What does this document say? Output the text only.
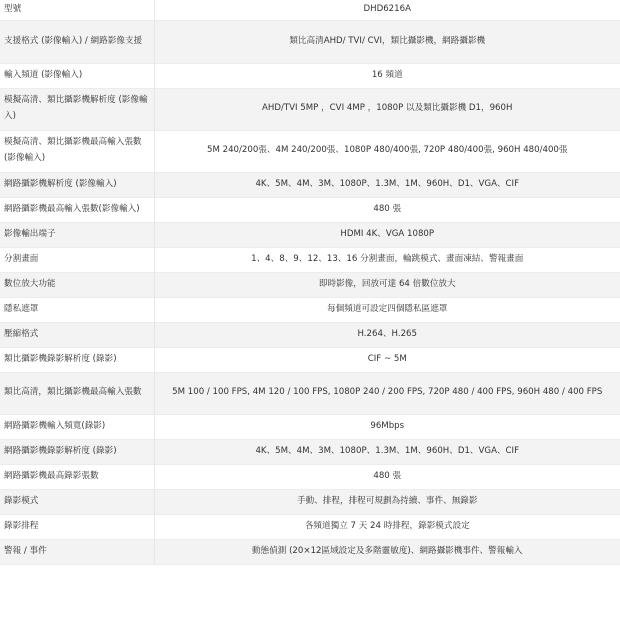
型號	DHD6216A
支援格式 (影像輸入) / 網路影像支援	類比高清AHD/ TVI/ CVI，類比攝影機，網路攝影機
輸入頻道 (影像輸入)	16 頻道
模擬高清、類比攝影機解析度 (影像輸入)	AHD/TVI 5MP ，CVI 4MP ，1080P 以及類比攝影機 D1，960H
模擬高清、類比攝影機最高輸入張數 (影像輸入)	5M 240/200張、4M 240/200張、1080P 480/400張, 720P 480/400張, 960H 480/400張
網路攝影機解析度 (影像輸入)	4K、5M、4M、3M、1080P、1.3M、1M、960H、D1、VGA、CIF
網路攝影機最高輸入張數(影像輸入)	480 張
影像輸出端子	HDMI 4K、VGA 1080P
分割畫面	1、4、8、9、12、13、16 分割畫面，輪跳模式、畫面凍結、警報畫面
數位放大功能	即時影像，回放可達 64 倍數位放大
隱私遮罩	每個頻道可設定四個隱私區遮罩
壓縮格式	H.264、H.265
類比攝影機錄影解析度 (錄影)	CIF ~ 5M
類比高清，類比攝影機最高輸入張數	5M 100 / 100 FPS, 4M 120 / 100 FPS, 1080P 240 / 200 FPS, 720P 480 / 400 FPS, 960H 480 / 400 FPS
網路攝影機輸入頻寬(錄影)	96Mbps
網路攝影機錄影解析度 (錄影)	4K、5M、4M、3M、1080P、1.3M、1M、960H、D1、VGA、CIF
網路攝影機最高錄影張數	480 張
錄影模式	手動、排程，排程可規劃為持續、事件、無錄影
錄影排程	各頻道獨立 7 天 24 時排程，錄影模式設定
警報 / 事件	動態偵測 (20×12區域設定及多階靈敏度)、網路攝影機事件、警報輸入
